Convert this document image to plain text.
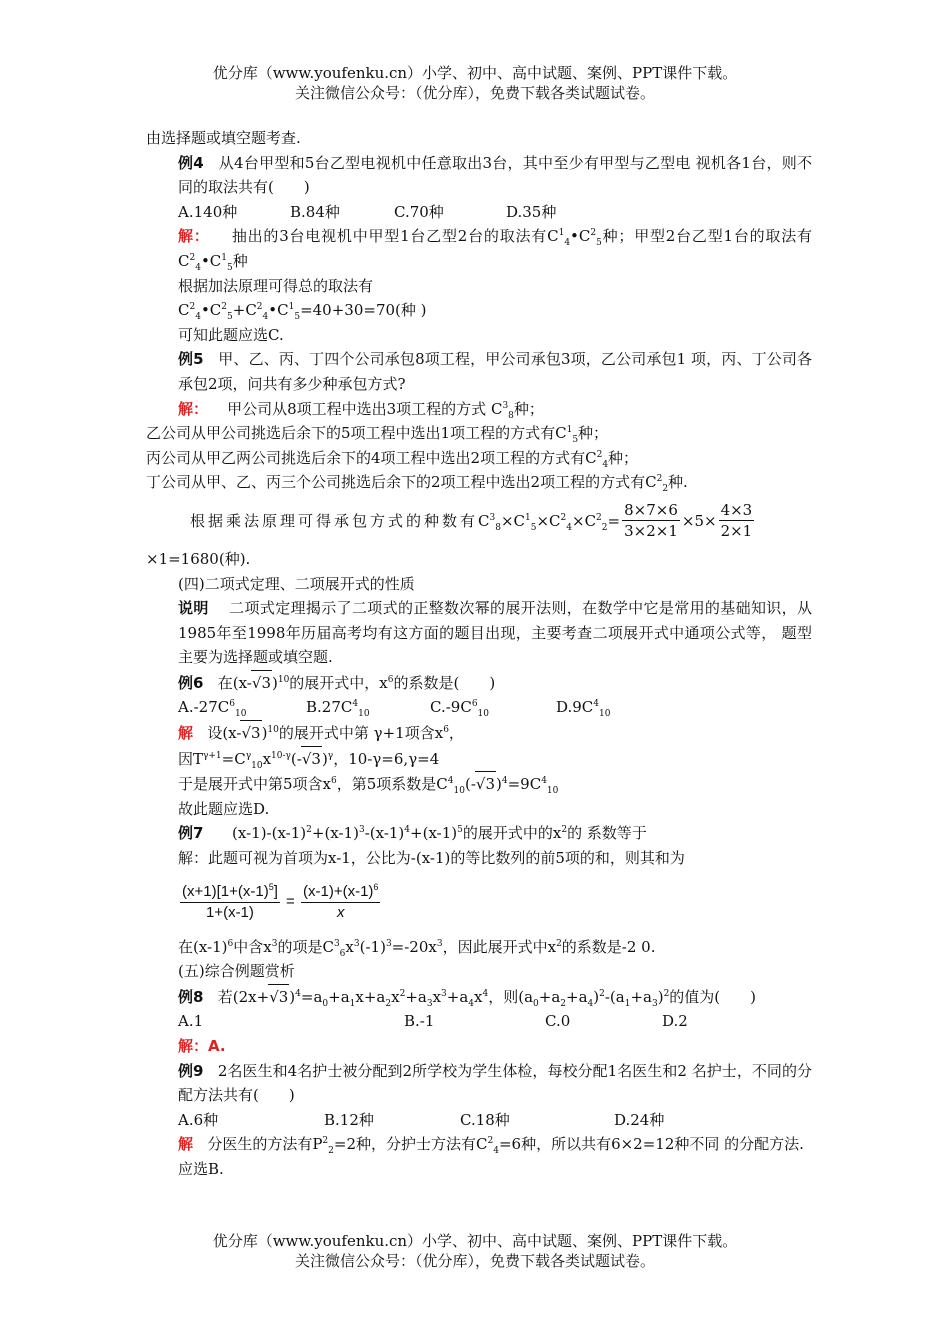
优分库（www.youfenku.cn）小学、初中、高中试题、案例、PPT课件下载。
关注微信公众号：（优分库），免费下载各类试题试卷。
由选择题或填空题考查.
例4 从4台甲型和5台乙型电视机中任意取出3台，其中至少有甲型与乙型电 视机各1台，则不同的取法共有(　　)
A.140种	B.84种	C.70种	D.35种
解： 抽出的3台电视机中甲型1台乙型2台的取法有$C^1_4•C^2_5$种；甲型2台乙型1台的取法有$C^2_4•C^1_5$种
根据加法原理可得总的取法有
$C^2_4•C^2_5+C^2_4•C^1_5=40+30=70$(种 )
可知此题应选C.
例5 甲、乙、丙、丁四个公司承包8项工程，甲公司承包3项，乙公司承包1 项，丙、丁公司各承包2项，问共有多少种承包方式?
解： 甲公司从8项工程中选出3项工程的方式 $C^3_8$种；
乙公司从甲公司挑选后余下的5项工程中选出1项工程的方式有$C^1_5$种；
丙公司从甲乙两公司挑选后余下的4项工程中选出2项工程的方式有$C^2_4$种；
丁公司从甲、乙、丙三个公司挑选后余下的2项工程中选出2项工程的方式有$C^2_2$种.
根据乘法原理可得承包方式的种数有 $C^3_8\times C^1_5\times C^2_4\times C^2_2= \frac{8\times 7\times 6}{3\times 2\times 1} \times 5\times \frac{4\times 3}{2\times 1}$
×1=1680(种).
(四)二项式定理、二项展开式的性质
说明 二项式定理揭示了二项式的正整数次幂的展开法则，在数学中它是常用的基础知识，从1985年至1998年历届高考均有这方面的题目出现，主要考查二项展开式中通项公式等， 题型主要为选择题或填空题.
例6 在(x-√ 3)$^{10}$的展开式中，$x^6$的系数是(　　)
$A.-27C^6_{10}$	$B.27C^4_{10}$	$C.-9C^6_{10}$	$D.9C^4_{10}$
解 设(x-√ 3)$^{10}$的展开式中第 γ+1项含$x^6$，
因$T^{\gamma+1}=C^\gamma_{10}x^{10-\gamma}(-√$ 3)$^\gamma$，10-γ=6,γ=4
于是展开式中第5项含$x^6$，第5项系数是$C^4_{10}(-√$ $3)^4=9C^4_{10}$
故此题应选D.
例7 $(x-1)-(x-1)^2+(x-1)^3-(x-1)^4+(x-1)^5$的展开式中的$x^2$的 系数等于
解：此题可视为首项为x-1，公比为-(x-1)的等比数列的前5项的和，则其和为
$\frac{(x+1)[1+(x-1)^5]}{1+(x-1)} = \frac{(x-1)+(x-1)^6}{x}$
在$(x-1)^6$中含$x^3$的项是$C^3_6x^3(-1)^3=-20x^3$，因此展开式中$x^2$的系数是-2 0.
(五)综合例题赏析
例8 若(2x+√ $3)^4=a_0+a_1x+a_2x^2+a_3x^3+a_4x^4$，则$(a_0+a_2+a_4)^2-(a_1+a_3)^2$的值为(　　)
A.1	B.-1	C.0	D.2
解：A.
例9 2名医生和4名护士被分配到2所学校为学生体检，每校分配1名医生和2 名护士，不同的分配方法共有(　　)
A.6种	B.12种	C.18种	D.24种
解 分医生的方法有$P^2_2=2$种，分护士方法有$C^2_4=6$种，所以共有6×2=12种不同 的分配方法.
应选B.
优分库（www.youfenku.cn）小学、初中、高中试题、案例、PPT课件下载。
关注微信公众号：（优分库），免费下载各类试题试卷。
